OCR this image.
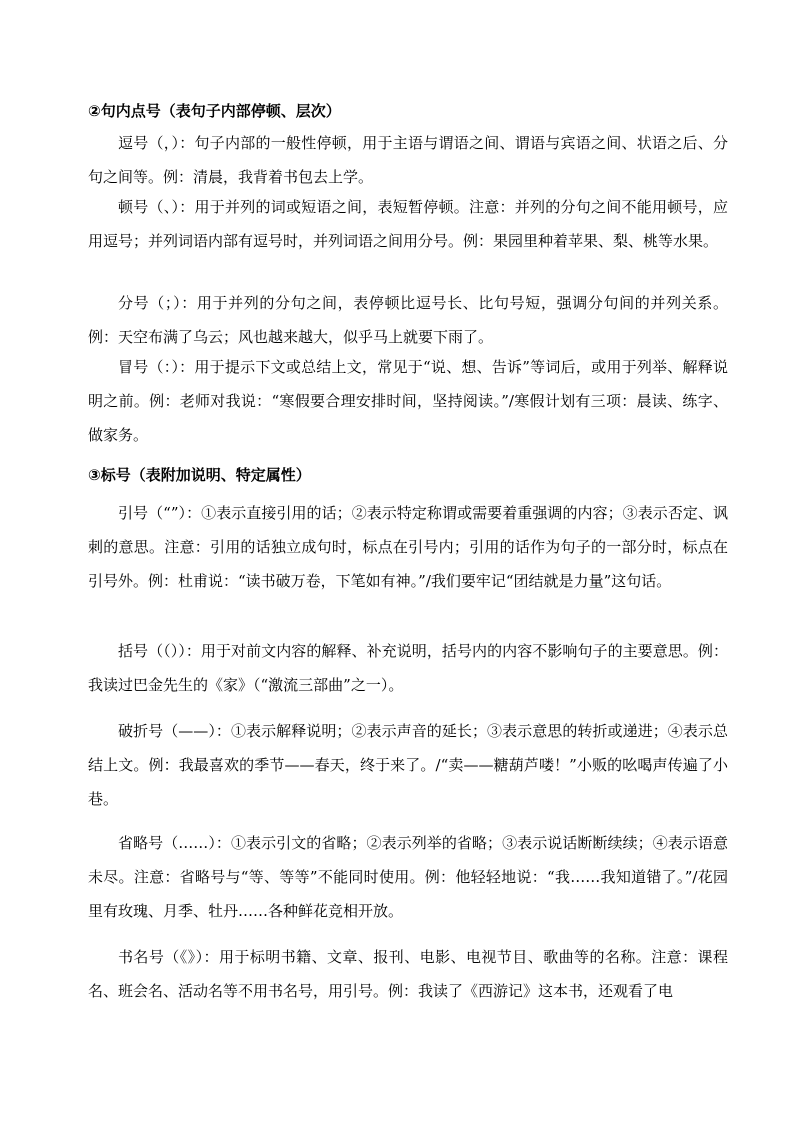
②句内点号（表句子内部停顿、层次）

逗号（，）：句子内部的一般性停顿，用于主语与谓语之间、谓语与宾语之间、状语之后、分句之间等。例：清晨，我背着书包去上学。

顿号（、）：用于并列的词或短语之间，表短暂停顿。注意：并列的分句之间不能用顿号，应用逗号；并列词语内部有逗号时，并列词语之间用分号。例：果园里种着苹果、梨、桃等水果。

分号（；）：用于并列的分句之间，表停顿比逗号长、比句号短，强调分句间的并列关系。例：天空布满了乌云；风也越来越大，似乎马上就要下雨了。

冒号（：）：用于提示下文或总结上文，常见于“说、想、告诉”等词后，或用于列举、解释说明之前。例：老师对我说：“寒假要合理安排时间，坚持阅读。”/寒假计划有三项：晨读、练字、做家务。

③标号（表附加说明、特定属性）

引号（“”）：①表示直接引用的话；②表示特定称谓或需要着重强调的内容；③表示否定、讽刺的意思。注意：引用的话独立成句时，标点在引号内；引用的话作为句子的一部分时，标点在引号外。例：杜甫说：“读书破万卷，下笔如有神。”/我们要牢记“团结就是力量”这句话。

括号（（））：用于对前文内容的解释、补充说明，括号内的内容不影响句子的主要意思。例：我读过巴金先生的《家》（“激流三部曲”之一）。

破折号（——）：①表示解释说明；②表示声音的延长；③表示意思的转折或递进；④表示总结上文。例：我最喜欢的季节——春天，终于来了。/“卖——糖葫芦喽！”小贩的吆喝声传遍了小巷。

省略号（……）：①表示引文的省略；②表示列举的省略；③表示说话断断续续；④表示语意未尽。注意：省略号与“等、等等”不能同时使用。例：他轻轻地说：“我……我知道错了。”/花园里有玫瑰、月季、牡丹……各种鲜花竞相开放。

书名号（《》）：用于标明书籍、文章、报刊、电影、电视节目、歌曲等的名称。注意：课程名、班会名、活动名等不用书名号，用引号。例：我读了《西游记》这本书，还观看了电
